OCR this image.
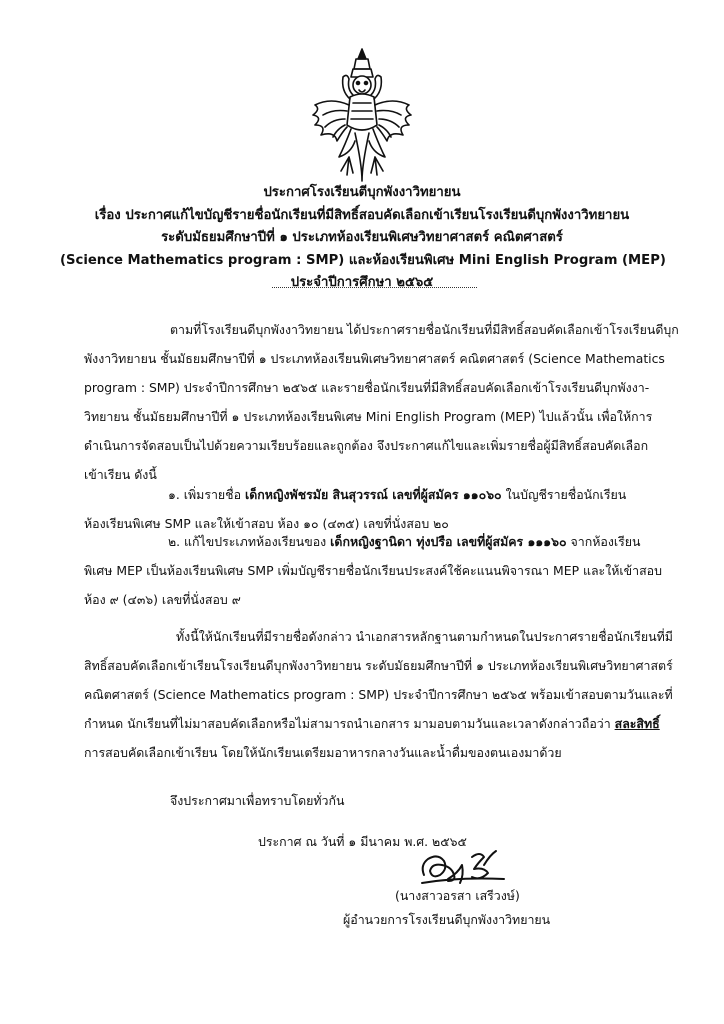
ประกาศโรงเรียนตีบุกพังงาวิทยายน
เรื่อง ประกาศแก้ไขบัญชีรายชื่อนักเรียนที่มีสิทธิ์สอบคัดเลือกเข้าเรียนโรงเรียนดีบุกพังงาวิทยายน
ระดับมัธยมศึกษาปีที่ ๑ ประเภทห้องเรียนพิเศษวิทยาศาสตร์ คณิตศาสตร์
(Science Mathematics program : SMP) และห้องเรียนพิเศษ Mini English Program (MEP)
ประจำปีการศึกษา ๒๕๖๕
ตามที่โรงเรียนดีบุกพังงาวิทยายน ได้ประกาศรายชื่อนักเรียนที่มีสิทธิ์สอบคัดเลือกเข้าโรงเรียนดีบุก
พังงาวิทยายน ชั้นมัธยมศึกษาปีที่ ๑ ประเภทห้องเรียนพิเศษวิทยาศาสตร์ คณิตศาสตร์ (Science Mathematics
program : SMP) ประจำปีการศึกษา ๒๕๖๕ และรายชื่อนักเรียนที่มีสิทธิ์สอบคัดเลือกเข้าโรงเรียนดีบุกพังงา-
วิทยายน ชั้นมัธยมศึกษาปีที่ ๑ ประเภทห้องเรียนพิเศษ Mini English Program (MEP) ไปแล้วนั้น เพื่อให้การ
ดำเนินการจัดสอบเป็นไปด้วยความเรียบร้อยและถูกต้อง จึงประกาศแก้ไขและเพิ่มรายชื่อผู้มีสิทธิ์สอบคัดเลือก
เข้าเรียน ดังนี้
๑. เพิ่มรายชื่อ เด็กหญิงพัชรมัย สินสุวรรณ์ เลขที่ผู้สมัคร ๑๑๐๖๐ ในบัญชีรายชื่อนักเรียน
ห้องเรียนพิเศษ SMP และให้เข้าสอบ ห้อง ๑๐ (๔๓๕) เลขที่นั่งสอบ ๒๐
๒. แก้ไขประเภทห้องเรียนของ เด็กหญิงฐานิดา ทุ่งปรือ เลขที่ผู้สมัคร ๑๑๑๖๐ จากห้องเรียน
พิเศษ MEP เป็นห้องเรียนพิเศษ SMP เพิ่มบัญชีรายชื่อนักเรียนประสงค์ใช้คะแนนพิจารณา MEP และให้เข้าสอบ
ห้อง ๙ (๔๓๖) เลขที่นั่งสอบ ๙
ทั้งนี้ให้นักเรียนที่มีรายชื่อดังกล่าว นำเอกสารหลักฐานตามกำหนดในประกาศรายชื่อนักเรียนที่มี
สิทธิ์สอบคัดเลือกเข้าเรียนโรงเรียนดีบุกพังงาวิทยายน ระดับมัธยมศึกษาปีที่ ๑ ประเภทห้องเรียนพิเศษวิทยาศาสตร์
คณิตศาสตร์ (Science Mathematics program : SMP) ประจำปีการศึกษา ๒๕๖๕ พร้อมเข้าสอบตามวันและที่
กำหนด นักเรียนที่ไม่มาสอบคัดเลือกหรือไม่สามารถนำเอกสาร มามอบตามวันและเวลาดังกล่าวถือว่า สละสิทธิ์
การสอบคัดเลือกเข้าเรียน โดยให้นักเรียนเตรียมอาหารกลางวันและน้ำดื่มของตนเองมาด้วย
จึงประกาศมาเพื่อทราบโดยทั่วกัน
ประกาศ ณ วันที่ ๑ มีนาคม พ.ศ. ๒๕๖๕
(นางสาวอรสา เสรีวงษ์)
ผู้อำนวยการโรงเรียนดีบุกพังงาวิทยายน
